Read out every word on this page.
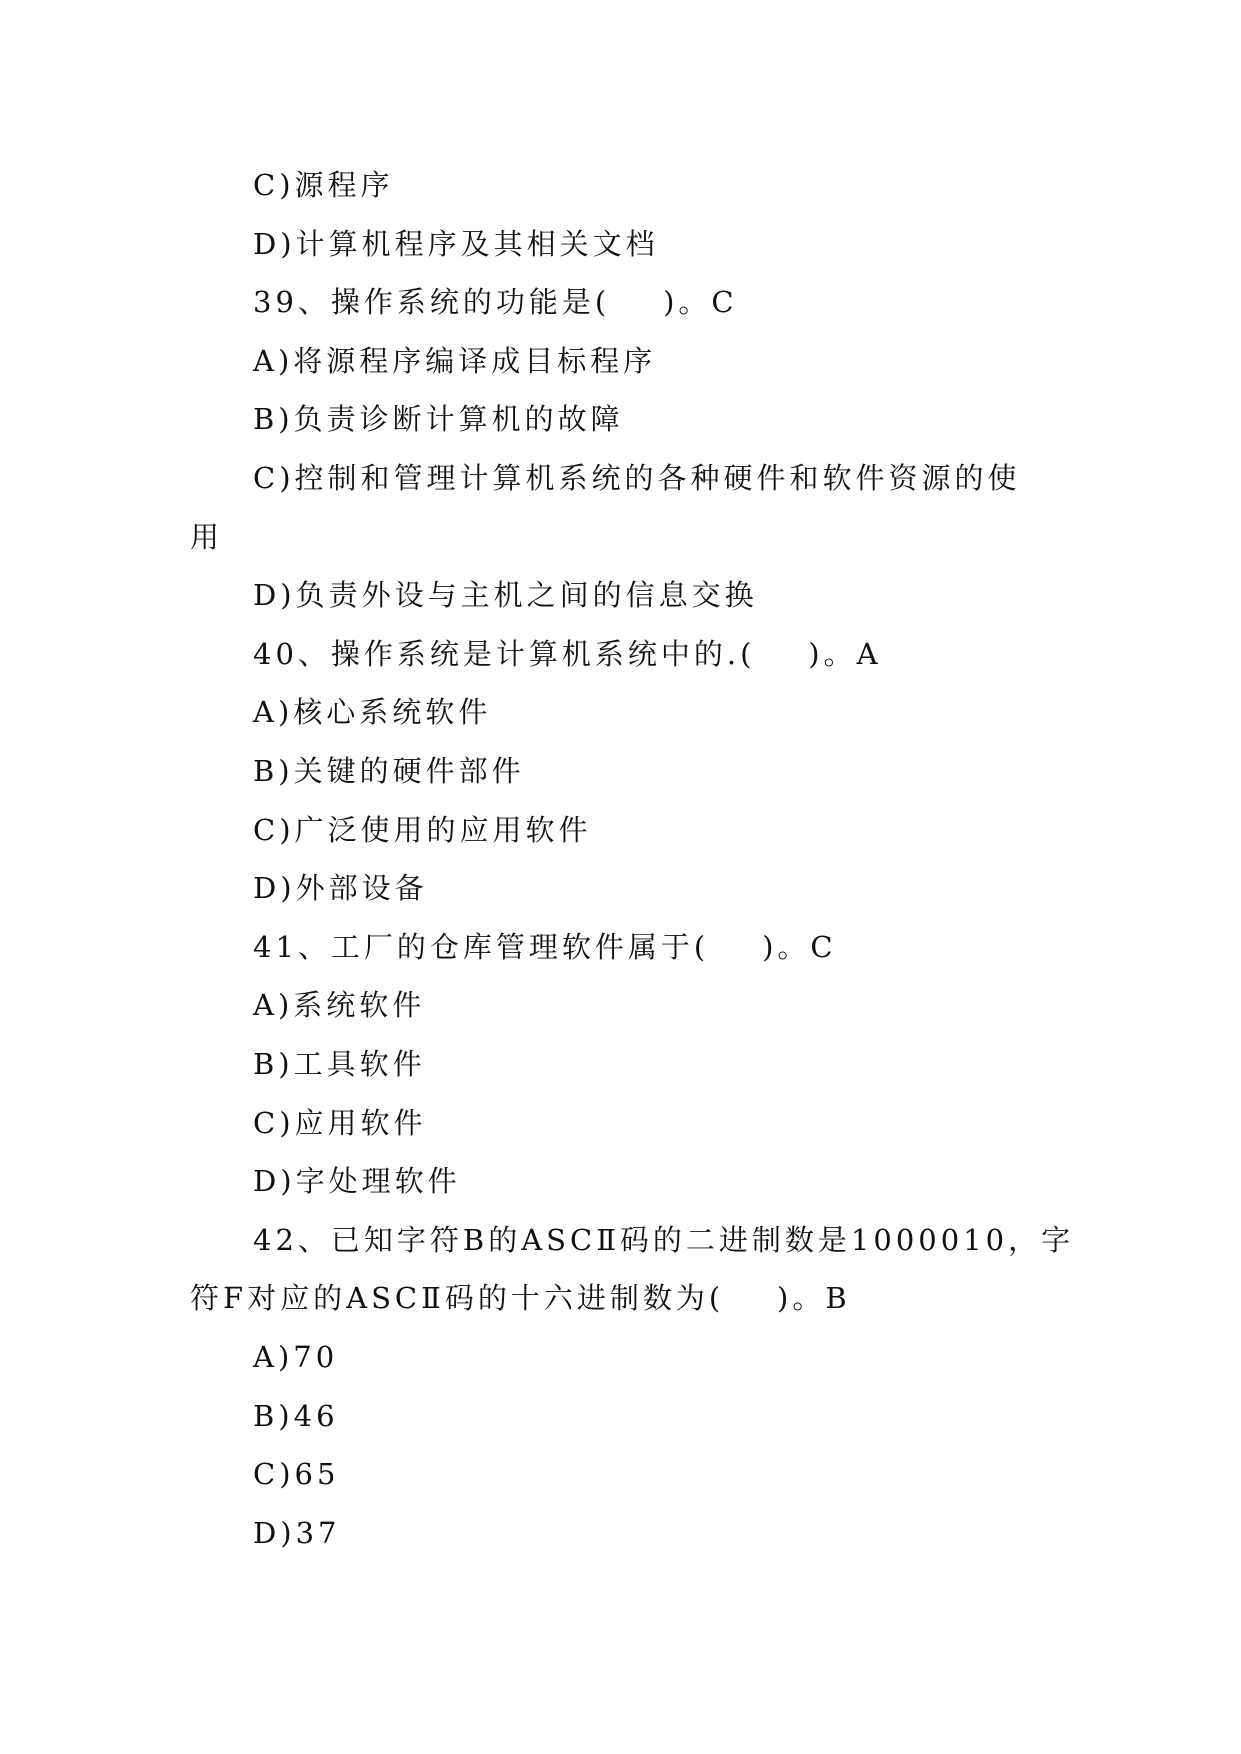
C)源程序
D)计算机程序及其相关文档
39、操作系统的功能是(    )。C
A)将源程序编译成目标程序
B)负责诊断计算机的故障
C)控制和管理计算机系统的各种硬件和软件资源的使
用
D)负责外设与主机之间的信息交换
40、操作系统是计算机系统中的.(    )。A
A)核心系统软件
B)关键的硬件部件
C)广泛使用的应用软件
D)外部设备
41、工厂的仓库管理软件属于(    )。C
A)系统软件
B)工具软件
C)应用软件
D)字处理软件
42、已知字符B的ASCⅡ码的二进制数是1000010，字
符F对应的ASCⅡ码的十六进制数为(    )。B
A)70
B)46
C)65
D)37
